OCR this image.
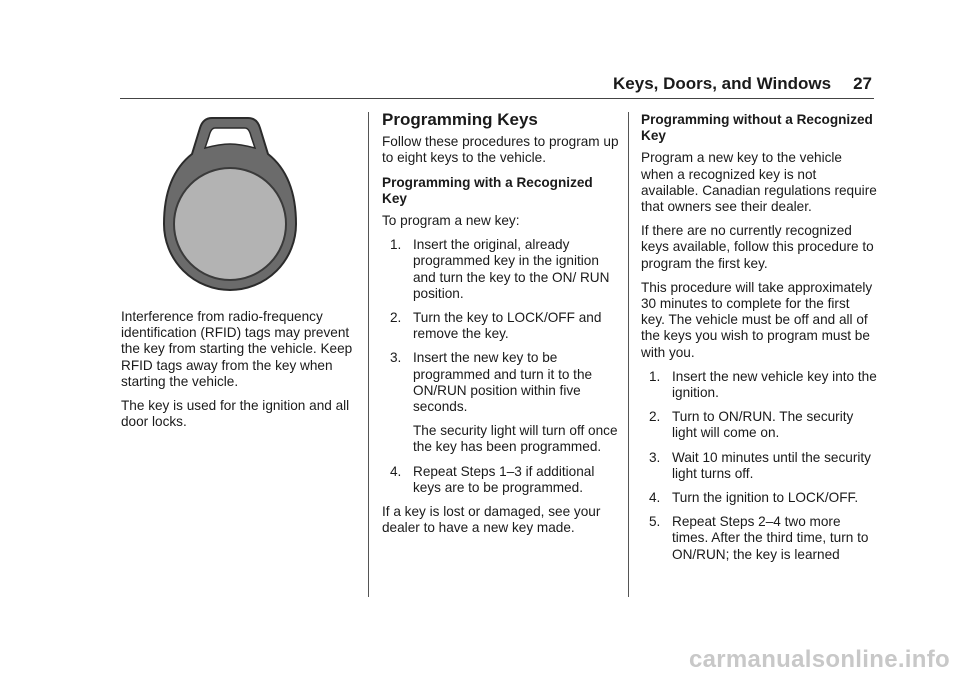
Keys, Doors, and Windows 27

Interference from radio-frequency identification (RFID) tags may prevent the key from starting the vehicle. Keep RFID tags away from the key when starting the vehicle.

The key is used for the ignition and all door locks.

Programming Keys

Follow these procedures to program up to eight keys to the vehicle.

Programming with a Recognized Key

To program a new key:

1. Insert the original, already programmed key in the ignition and turn the key to the ON/ RUN position.
2. Turn the key to LOCK/OFF and remove the key.
3. Insert the new key to be programmed and turn it to the ON/RUN position within five seconds.
The security light will turn off once the key has been programmed.
4. Repeat Steps 1–3 if additional keys are to be programmed.

If a key is lost or damaged, see your dealer to have a new key made.

Programming without a Recognized Key

Program a new key to the vehicle when a recognized key is not available. Canadian regulations require that owners see their dealer.

If there are no currently recognized keys available, follow this procedure to program the first key.

This procedure will take approximately 30 minutes to complete for the first key. The vehicle must be off and all of the keys you wish to program must be with you.

1. Insert the new vehicle key into the ignition.
2. Turn to ON/RUN. The security light will come on.
3. Wait 10 minutes until the security light turns off.
4. Turn the ignition to LOCK/OFF.
5. Repeat Steps 2–4 two more times. After the third time, turn to ON/RUN; the key is learned
carmanualsonline.info
